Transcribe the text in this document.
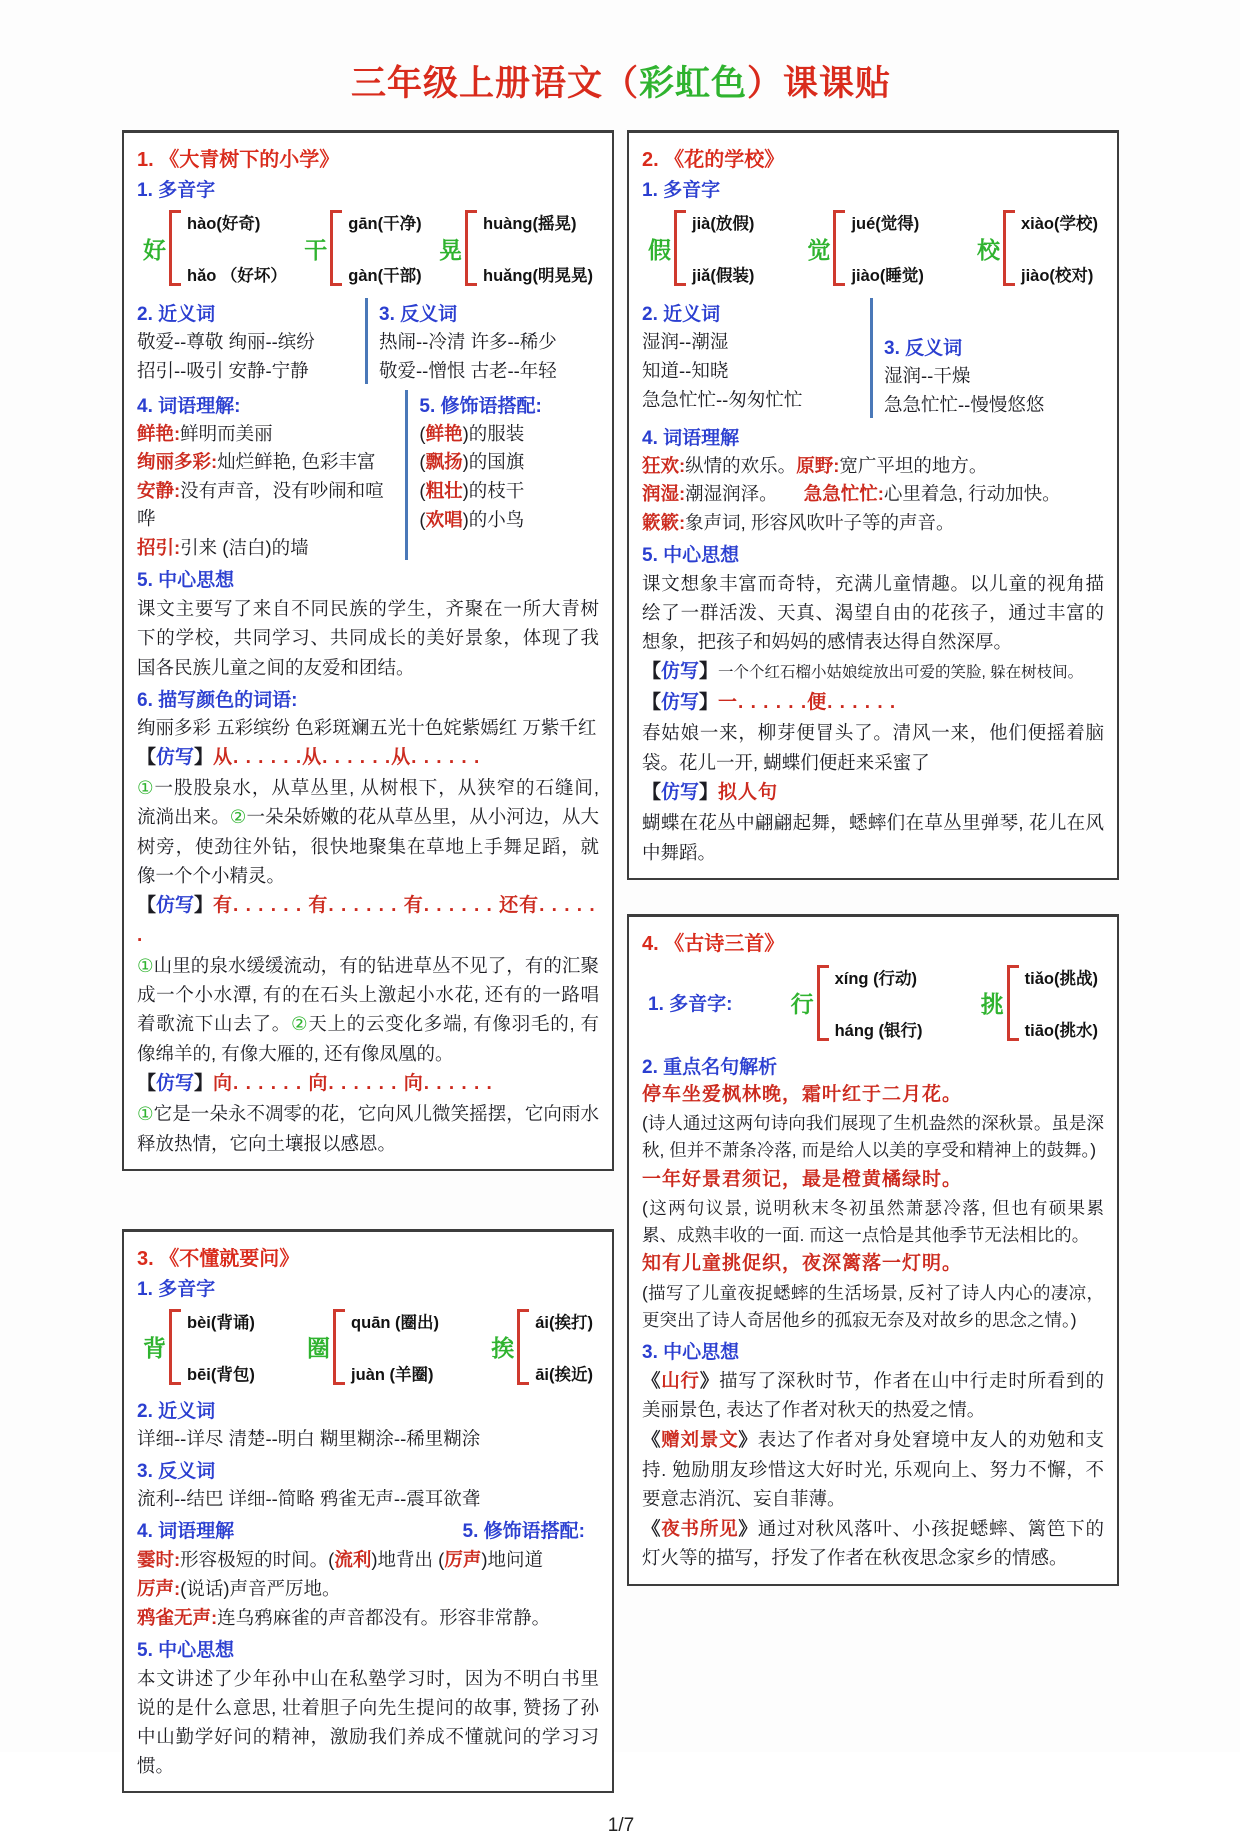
三年级上册语文（彩虹色）课课贴
1. 《大青树下的小学》
1. 多音字
好
hào(好奇)
hǎo （好坏）
干
gān(干净)
gàn(干部)
晃
huàng(摇晃)
huǎng(明晃晃)
2. 近义词
敬爱--尊敬 绚丽--缤纷
招引--吸引 安静-宁静
3. 反义词
热闹--冷清 许多--稀少
敬爱--憎恨 古老--年轻
4. 词语理解:
鲜艳:鲜明而美丽
绚丽多彩:灿烂鲜艳, 色彩丰富
安静:没有声音，没有吵闹和喧哗
招引:引来 (洁白)的墙
5. 修饰语搭配:
(鲜艳)的服装
(飘扬)的国旗
(粗壮)的枝干
(欢唱)的小鸟
5. 中心思想
课文主要写了来自不同民族的学生，齐聚在一所大青树下的学校，共同学习、共同成长的美好景象，体现了我国各民族儿童之间的友爱和团结。
6. 描写颜色的词语:
绚丽多彩 五彩缤纷 色彩斑斓五光十色姹紫嫣红 万紫千红
【仿写】从. . . . . .从. . . . . .从. . . . . .
①一股股泉水，从草丛里, 从树根下，从狭窄的石缝间, 流淌出来。②一朵朵娇嫩的花从草丛里，从小河边，从大树旁，使劲往外钻，很快地聚集在草地上手舞足蹈，就像一个个小精灵。
【仿写】有. . . . . . 有. . . . . . 有. . . . . . 还有. . . . . .
①山里的泉水缓缓流动，有的钻进草丛不见了，有的汇聚成一个小水潭, 有的在石头上激起小水花, 还有的一路唱着歌流下山去了。②天上的云变化多端, 有像羽毛的, 有像绵羊的, 有像大雁的, 还有像凤凰的。
【仿写】向. . . . . . 向. . . . . . 向. . . . . .
①它是一朵永不凋零的花，它向风儿微笑摇摆，它向雨水释放热情，它向土壤报以感恩。
3. 《不懂就要问》
1. 多音字
背
bèi(背诵)
bēi(背包)
圈
quān (圈出)
juàn (羊圈)
挨
ái(挨打)
āi(挨近)
2. 近义词
详细--详尽 清楚--明白 糊里糊涂--稀里糊涂
3. 反义词
流利--结巴 详细--简略 鸦雀无声--震耳欲聋
4. 词语理解	5. 修饰语搭配:
霎时:形容极短的时间。(流利)地背出 (厉声)地问道
厉声:(说话)声音严厉地。
鸦雀无声:连乌鸦麻雀的声音都没有。形容非常静。
5. 中心思想
本文讲述了少年孙中山在私塾学习时，因为不明白书里说的是什么意思, 壮着胆子向先生提问的故事, 赞扬了孙中山勤学好问的精神，激励我们养成不懂就问的学习习惯。
2. 《花的学校》
1. 多音字
假
jià(放假)
jiǎ(假装)
觉
jué(觉得)
jiào(睡觉)
校
xiào(学校)
jiào(校对)
2. 近义词
湿润--潮湿
知道--知晓
急急忙忙--匆匆忙忙
3. 反义词
湿润--干燥
急急忙忙--慢慢悠悠
4. 词语理解
狂欢:纵情的欢乐。原野:宽广平坦的地方。
润湿:潮湿润泽。 急急忙忙:心里着急, 行动加快。
簌簌:象声词, 形容风吹叶子等的声音。
5. 中心思想
课文想象丰富而奇特，充满儿童情趣。以儿童的视角描绘了一群活泼、天真、渴望自由的花孩子，通过丰富的想象，把孩子和妈妈的感情表达得自然深厚。
【仿写】一个个红石榴小姑娘绽放出可爱的笑脸, 躲在树枝间。
【仿写】一. . . . . .便. . . . . .
春姑娘一来，柳芽便冒头了。清风一来，他们便摇着脑袋。花儿一开, 蝴蝶们便赶来采蜜了
【仿写】拟人句
蝴蝶在花丛中翩翩起舞，蟋蟀们在草丛里弹琴, 花儿在风中舞蹈。
4. 《古诗三首》
1. 多音字:	行
xíng (行动)
háng (银行)
挑
tiǎo(挑战)
tiāo(挑水)
2. 重点名句解析
停车坐爱枫林晚，霜叶红于二月花。
(诗人通过这两句诗向我们展现了生机盎然的深秋景。虽是深秋, 但并不萧条冷落, 而是给人以美的享受和精神上的鼓舞。)
一年好景君须记，最是橙黄橘绿时。
(这两句议景, 说明秋末冬初虽然萧瑟冷落, 但也有硕果累累、成熟丰收的一面. 而这一点恰是其他季节无法相比的。
知有儿童挑促织，夜深篱落一灯明。
(描写了儿童夜捉蟋蟀的生活场景, 反衬了诗人内心的凄凉，更突出了诗人奇居他乡的孤寂无奈及对故乡的思念之情。)
3. 中心思想
《山行》描写了深秋时节，作者在山中行走时所看到的美丽景色, 表达了作者对秋天的热爱之情。
《赠刘景文》表达了作者对身处窘境中友人的劝勉和支持. 勉励朋友珍惜这大好时光, 乐观向上、努力不懈，不要意志消沉、妄自菲薄。
《夜书所见》通过对秋风落叶、小孩捉蟋蟀、篱笆下的灯火等的描写，抒发了作者在秋夜思念家乡的情感。
1/7
